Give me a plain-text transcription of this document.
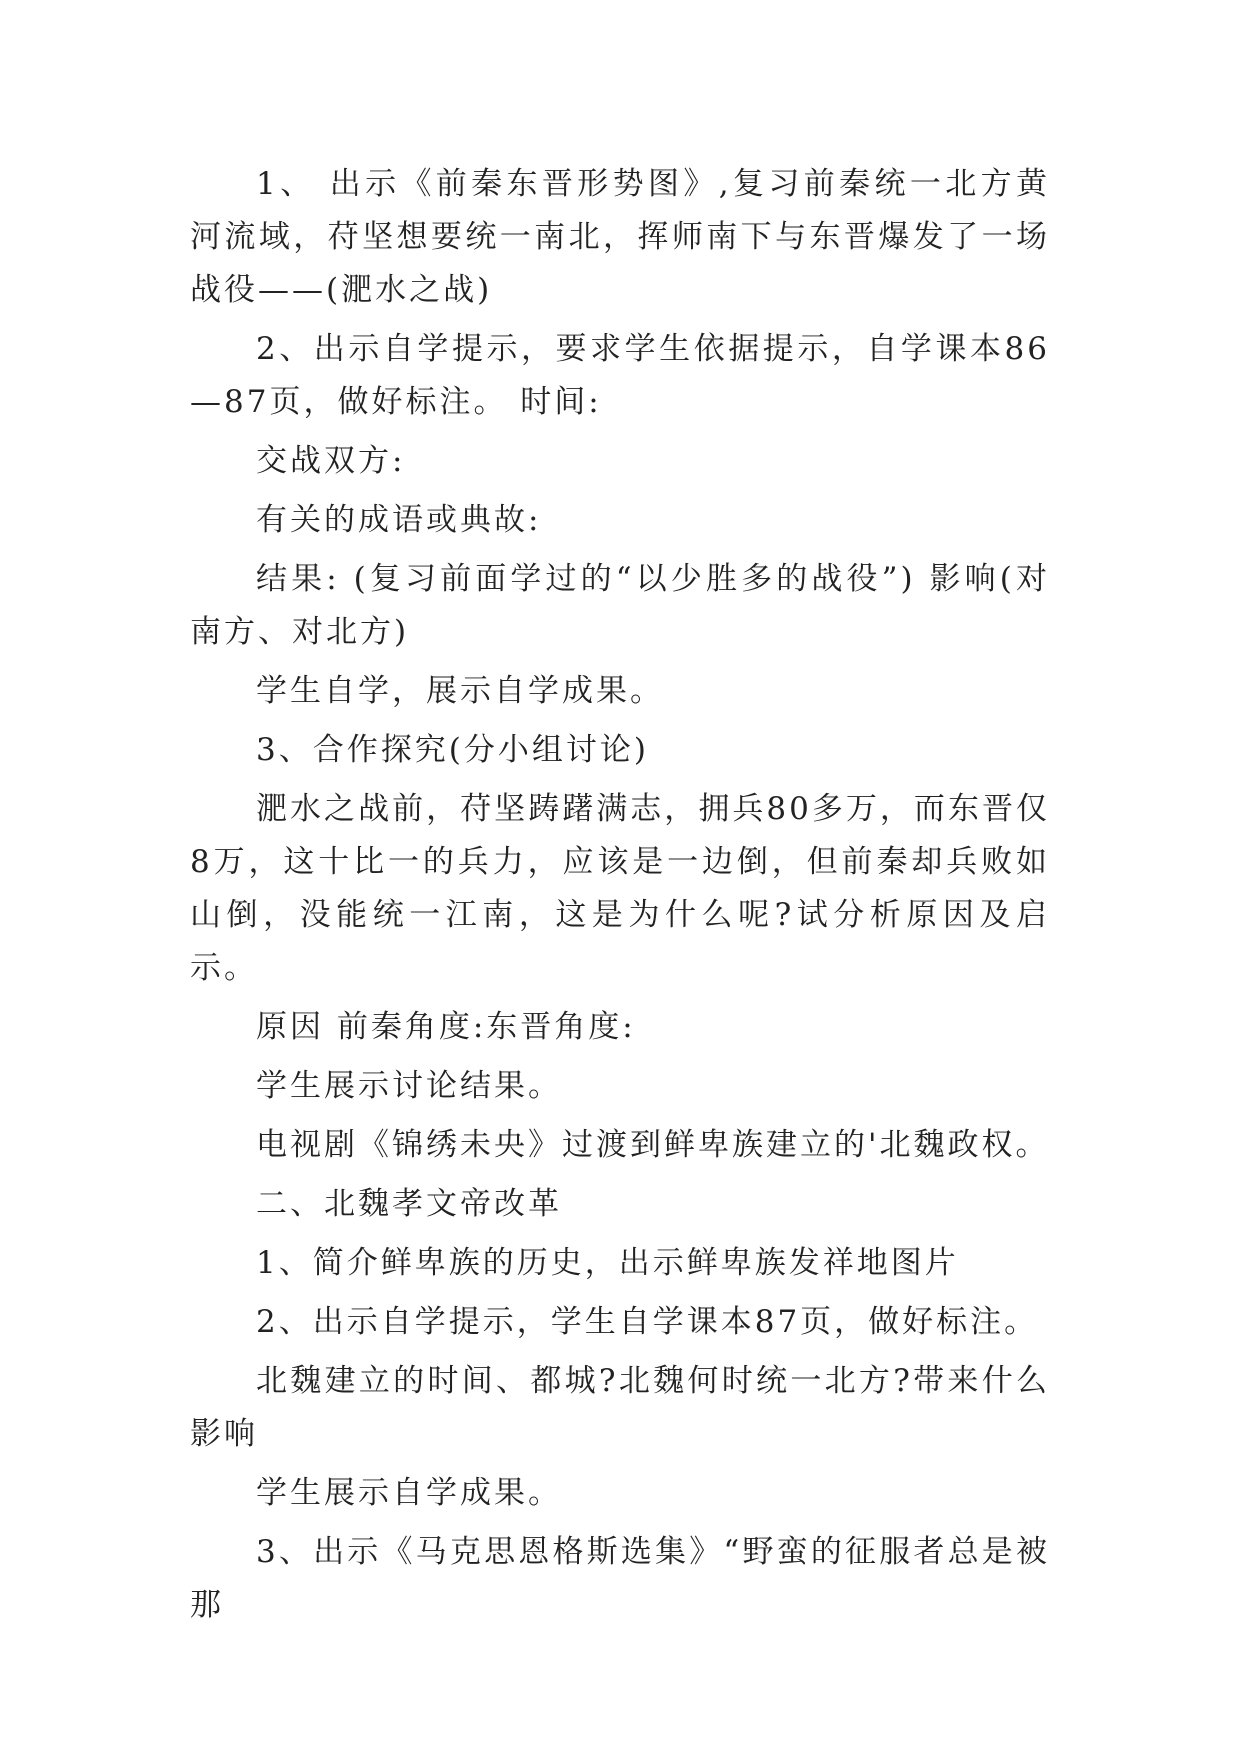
1、 出示《前秦东晋形势图》,复习前秦统一北方黄河流域，苻坚想要统一南北，挥师南下与东晋爆发了一场战役——(淝水之战)

2、出示自学提示，要求学生依据提示，自学课本86—87页，做好标注。 时间:

交战双方:

有关的成语或典故:

结果: (复习前面学过的“以少胜多的战役”) 影响(对南方、对北方)

学生自学，展示自学成果。

3、合作探究(分小组讨论)

淝水之战前，苻坚踌躇满志，拥兵80多万，而东晋仅8万，这十比一的兵力，应该是一边倒，但前秦却兵败如山倒，没能统一江南，这是为什么呢?试分析原因及启示。

原因 前秦角度:东晋角度:

学生展示讨论结果。

电视剧《锦绣未央》过渡到鲜卑族建立的'北魏政权。

二、北魏孝文帝改革

1、简介鲜卑族的历史，出示鲜卑族发祥地图片

2、出示自学提示，学生自学课本87页，做好标注。

北魏建立的时间、都城?北魏何时统一北方?带来什么影响

学生展示自学成果。

3、出示《马克思恩格斯选集》“野蛮的征服者总是被那
